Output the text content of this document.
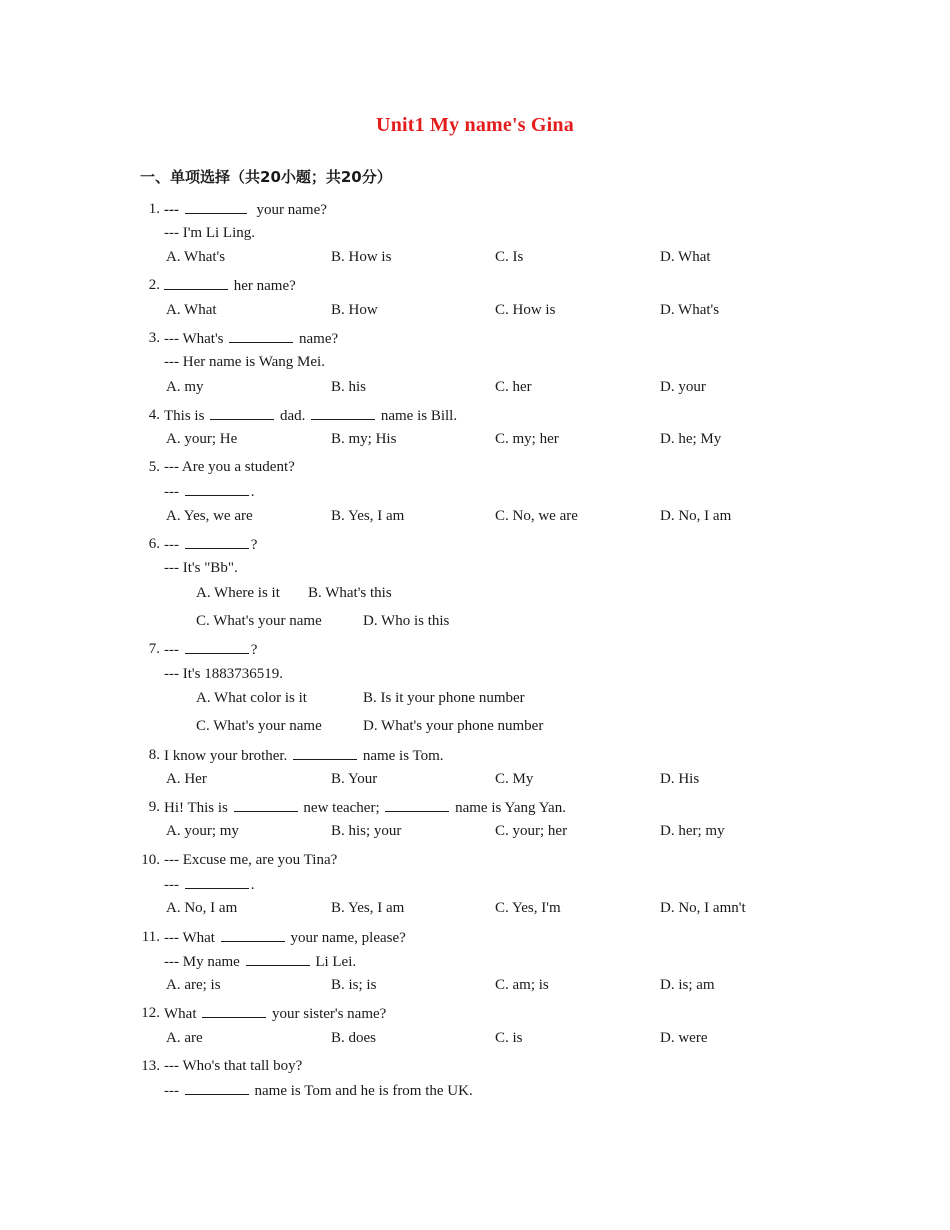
Unit1 My name's Gina
一、单项选择（共20小题；共20分）
1. ---	your name?
--- I'm Li Ling.
A. What's	B. How is	C. Is	D. What
2.	her name?
A. What	B. How	C. How is	D. What's
3. --- What's	name?
--- Her name is Wang Mei.
A. my	B. his	C. her	D. your
4. This is	dad.	name is Bill.
A. your; He	B. my; His	C. my; her	D. he; My
5. --- Are you a student?
---	.
A. Yes, we are	B. Yes, I am	C. No, we are	D. No, I am
6. ---	?
--- It's "Bb".
A. Where is it B. What's this
C. What's your name	D. Who is this
7. ---	?
--- It's 1883736519.
A. What color is it	B. Is it your phone number
C. What's your name	D. What's your phone number
8. I know your brother.	name is Tom.
A. Her	B. Your	C. My	D. His
9. Hi! This is	new teacher;	name is Yang Yan.
A. your; my	B. his; your	C. your; her	D. her; my
10. --- Excuse me, are you Tina?
---	.
A. No, I am	B. Yes, I am	C. Yes, I'm	D. No, I amn't
11. --- What	your name, please?
--- My name	Li Lei.
A. are; is	B. is; is	C. am; is	D. is; am
12. What	your sister's name?
A. are	B. does	C. is	D. were
13. --- Who's that tall boy?
---	name is Tom and he is from the UK.
